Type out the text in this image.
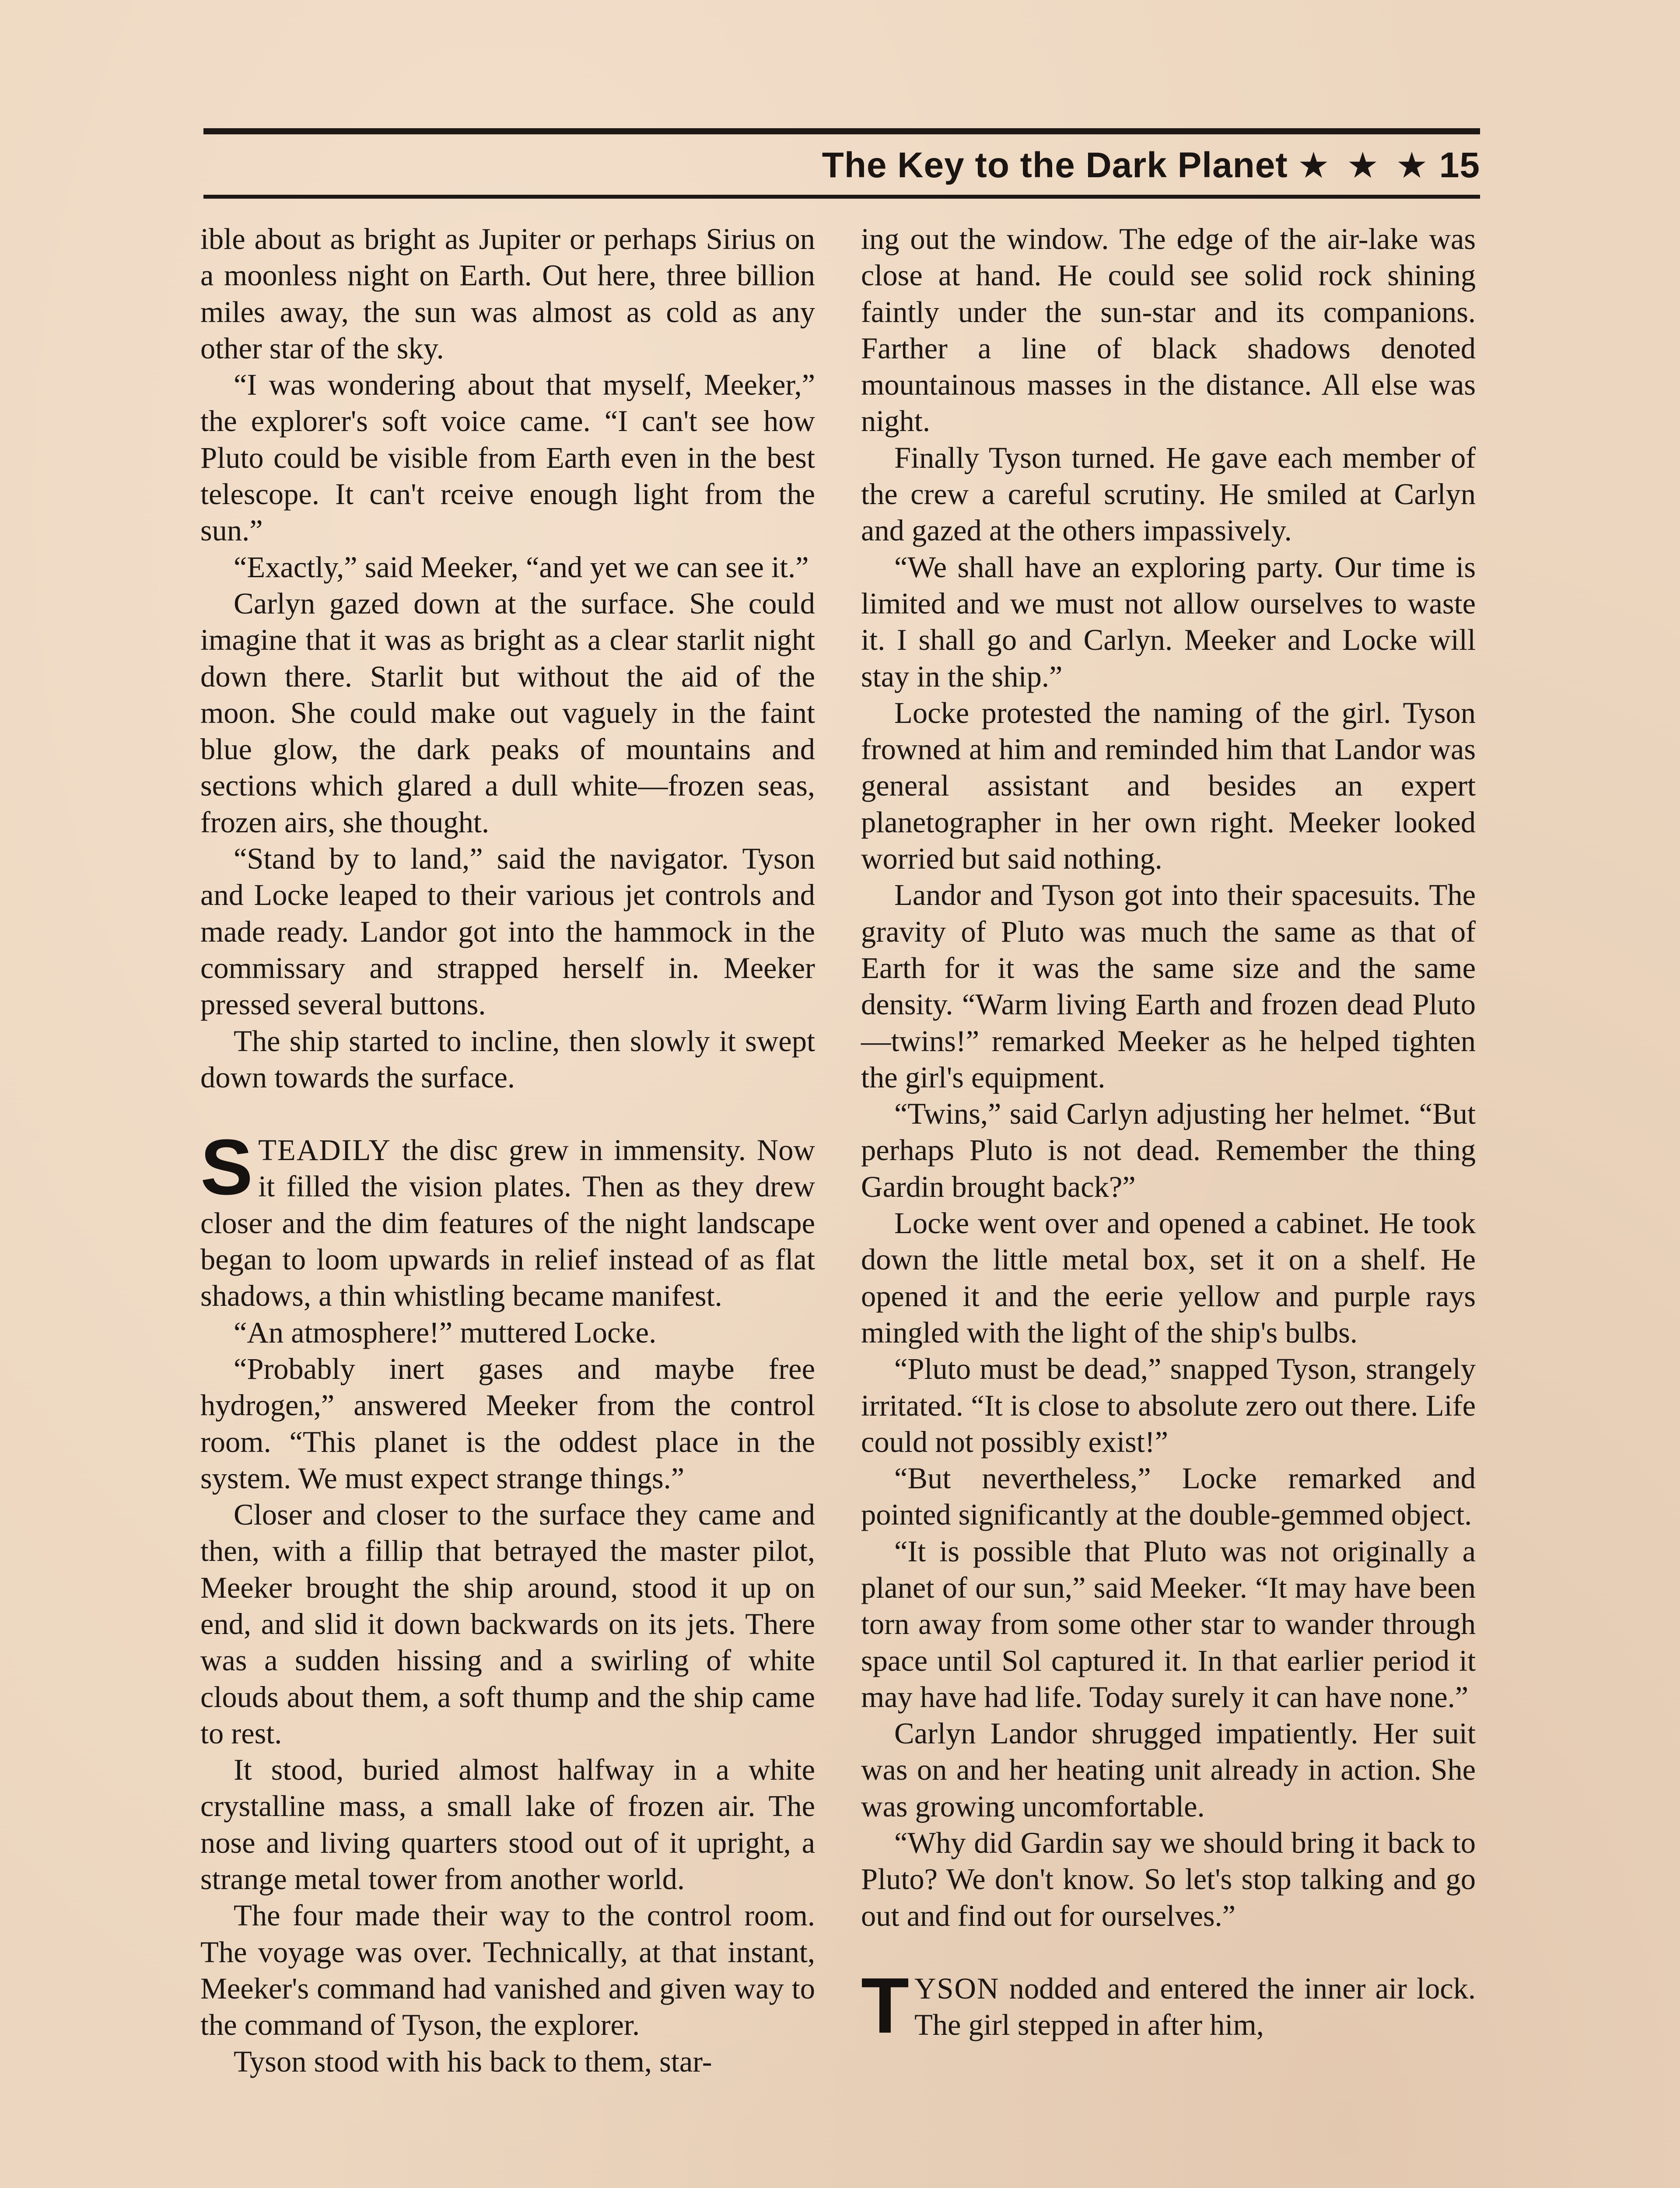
The Key to the Dark Planet ★ ★ ★ 15

ible about as bright as Jupiter or perhaps Sirius on a moonless night on Earth. Out here, three billion miles away, the sun was almost as cold as any other star of the sky.

“I was wondering about that myself, Meeker,” the explorer's soft voice came. “I can't see how Pluto could be visible from Earth even in the best telescope. It can't rceive enough light from the sun.”

“Exactly,” said Meeker, “and yet we can see it.”

Carlyn gazed down at the surface. She could imagine that it was as bright as a clear starlit night down there. Starlit but without the aid of the moon. She could make out vaguely in the faint blue glow, the dark peaks of mountains and sections which glared a dull white—frozen seas, frozen airs, she thought.

“Stand by to land,” said the navigator. Tyson and Locke leaped to their various jet controls and made ready. Landor got into the hammock in the commissary and strapped herself in. Meeker pressed several buttons.

The ship started to incline, then slowly it swept down towards the surface.

STEADILY the disc grew in immensity. Now it filled the vision plates. Then as they drew closer and the dim features of the night landscape began to loom upwards in relief instead of as flat shadows, a thin whistling became manifest.

“An atmosphere!” muttered Locke.

“Probably inert gases and maybe free hydrogen,” answered Meeker from the control room. “This planet is the oddest place in the system. We must expect strange things.”

Closer and closer to the surface they came and then, with a fillip that betrayed the master pilot, Meeker brought the ship around, stood it up on end, and slid it down backwards on its jets. There was a sudden hissing and a swirling of white clouds about them, a soft thump and the ship came to rest.

It stood, buried almost halfway in a white crystalline mass, a small lake of frozen air. The nose and living quarters stood out of it upright, a strange metal tower from another world.

The four made their way to the control room. The voyage was over. Technically, at that instant, Meeker's command had vanished and given way to the command of Tyson, the explorer.

Tyson stood with his back to them, star-

ing out the window. The edge of the air-lake was close at hand. He could see solid rock shining faintly under the sun-star and its companions. Farther a line of black shadows denoted mountainous masses in the distance. All else was night.

Finally Tyson turned. He gave each member of the crew a careful scrutiny. He smiled at Carlyn and gazed at the others impassively.

“We shall have an exploring party. Our time is limited and we must not allow ourselves to waste it. I shall go and Carlyn. Meeker and Locke will stay in the ship.”

Locke protested the naming of the girl. Tyson frowned at him and reminded him that Landor was general assistant and besides an expert planetographer in her own right. Meeker looked worried but said nothing.

Landor and Tyson got into their spacesuits. The gravity of Pluto was much the same as that of Earth for it was the same size and the same density. “Warm living Earth and frozen dead Pluto—twins!” remarked Meeker as he helped tighten the girl's equipment.

“Twins,” said Carlyn adjusting her helmet. “But perhaps Pluto is not dead. Remember the thing Gardin brought back?”

Locke went over and opened a cabinet. He took down the little metal box, set it on a shelf. He opened it and the eerie yellow and purple rays mingled with the light of the ship's bulbs.

“Pluto must be dead,” snapped Tyson, strangely irritated. “It is close to absolute zero out there. Life could not possibly exist!”

“But nevertheless,” Locke remarked and pointed significantly at the double-gemmed object.

“It is possible that Pluto was not originally a planet of our sun,” said Meeker. “It may have been torn away from some other star to wander through space until Sol captured it. In that earlier period it may have had life. Today surely it can have none.”

Carlyn Landor shrugged impatiently. Her suit was on and her heating unit already in action. She was growing uncomfortable.

“Why did Gardin say we should bring it back to Pluto? We don't know. So let's stop talking and go out and find out for ourselves.”

TYSON nodded and entered the inner air lock. The girl stepped in after him,
